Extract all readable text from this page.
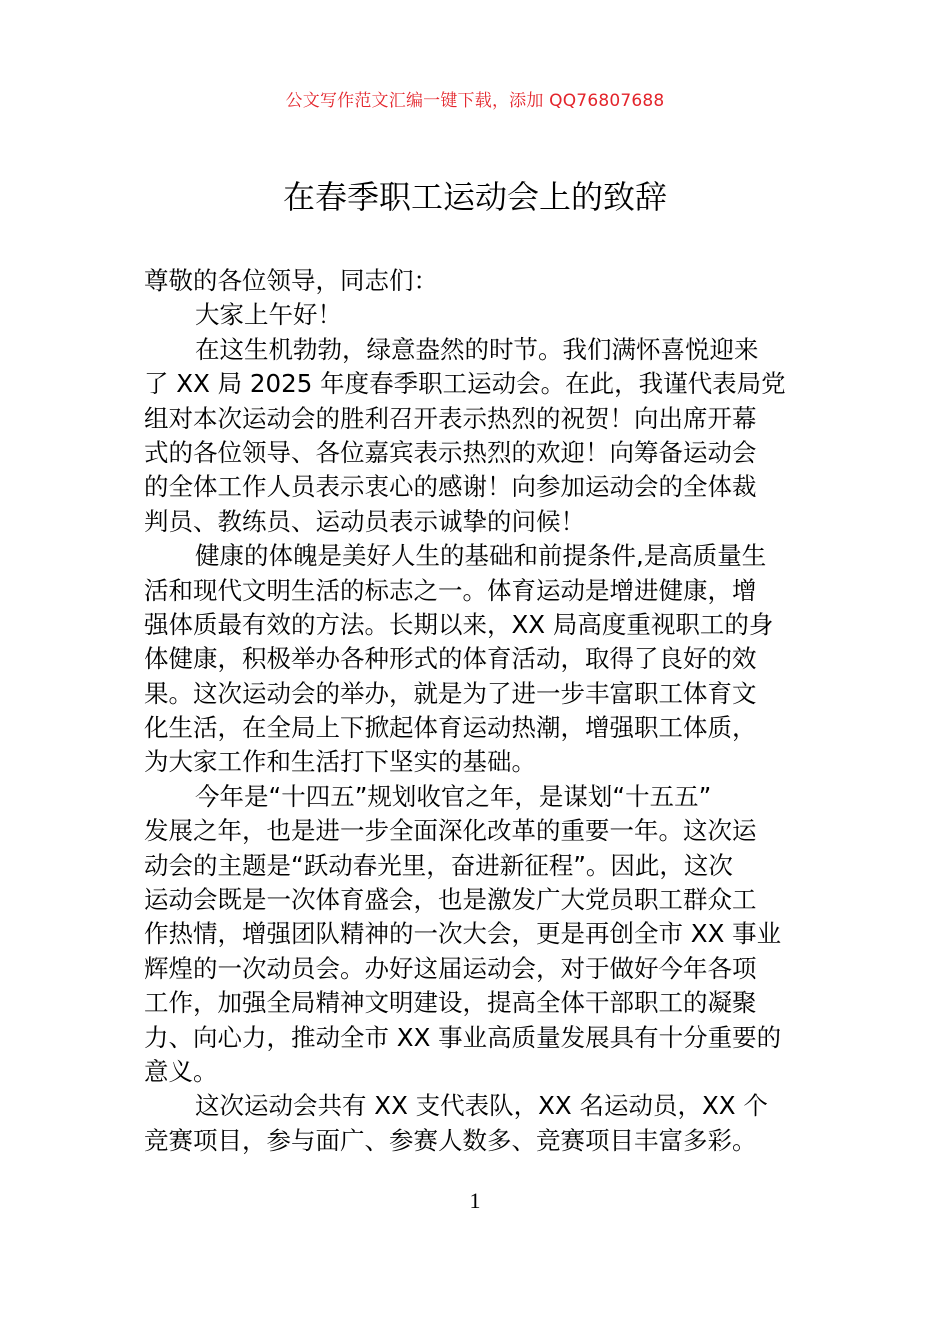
公文写作范文汇编一键下载，添加 QQ76807688
在春季职工运动会上的致辞
尊敬的各位领导，同志们：
大家上午好！
在这生机勃勃，绿意盎然的时节。我们满怀喜悦迎来
了 XX 局 2025 年度春季职工运动会。在此，我谨代表局党
组对本次运动会的胜利召开表示热烈的祝贺！向出席开幕
式的各位领导、各位嘉宾表示热烈的欢迎！向筹备运动会
的全体工作人员表示衷心的感谢！向参加运动会的全体裁
判员、教练员、运动员表示诚挚的问候！
健康的体魄是美好人生的基础和前提条件,是高质量生
活和现代文明生活的标志之一。体育运动是增进健康，增
强体质最有效的方法。长期以来，XX 局高度重视职工的身
体健康，积极举办各种形式的体育活动，取得了良好的效
果。这次运动会的举办，就是为了进一步丰富职工体育文
化生活，在全局上下掀起体育运动热潮，增强职工体质，
为大家工作和生活打下坚实的基础。
今年是“十四五”规划收官之年，是谋划“十五五”
发展之年，也是进一步全面深化改革的重要一年。这次运
动会的主题是“跃动春光里，奋进新征程”。因此，这次
运动会既是一次体育盛会，也是激发广大党员职工群众工
作热情，增强团队精神的一次大会，更是再创全市 XX 事业
辉煌的一次动员会。办好这届运动会，对于做好今年各项
工作，加强全局精神文明建设，提高全体干部职工的凝聚
力、向心力，推动全市 XX 事业高质量发展具有十分重要的
意义。
这次运动会共有 XX 支代表队，XX 名运动员，XX 个
竞赛项目，参与面广、参赛人数多、竞赛项目丰富多彩。
1
